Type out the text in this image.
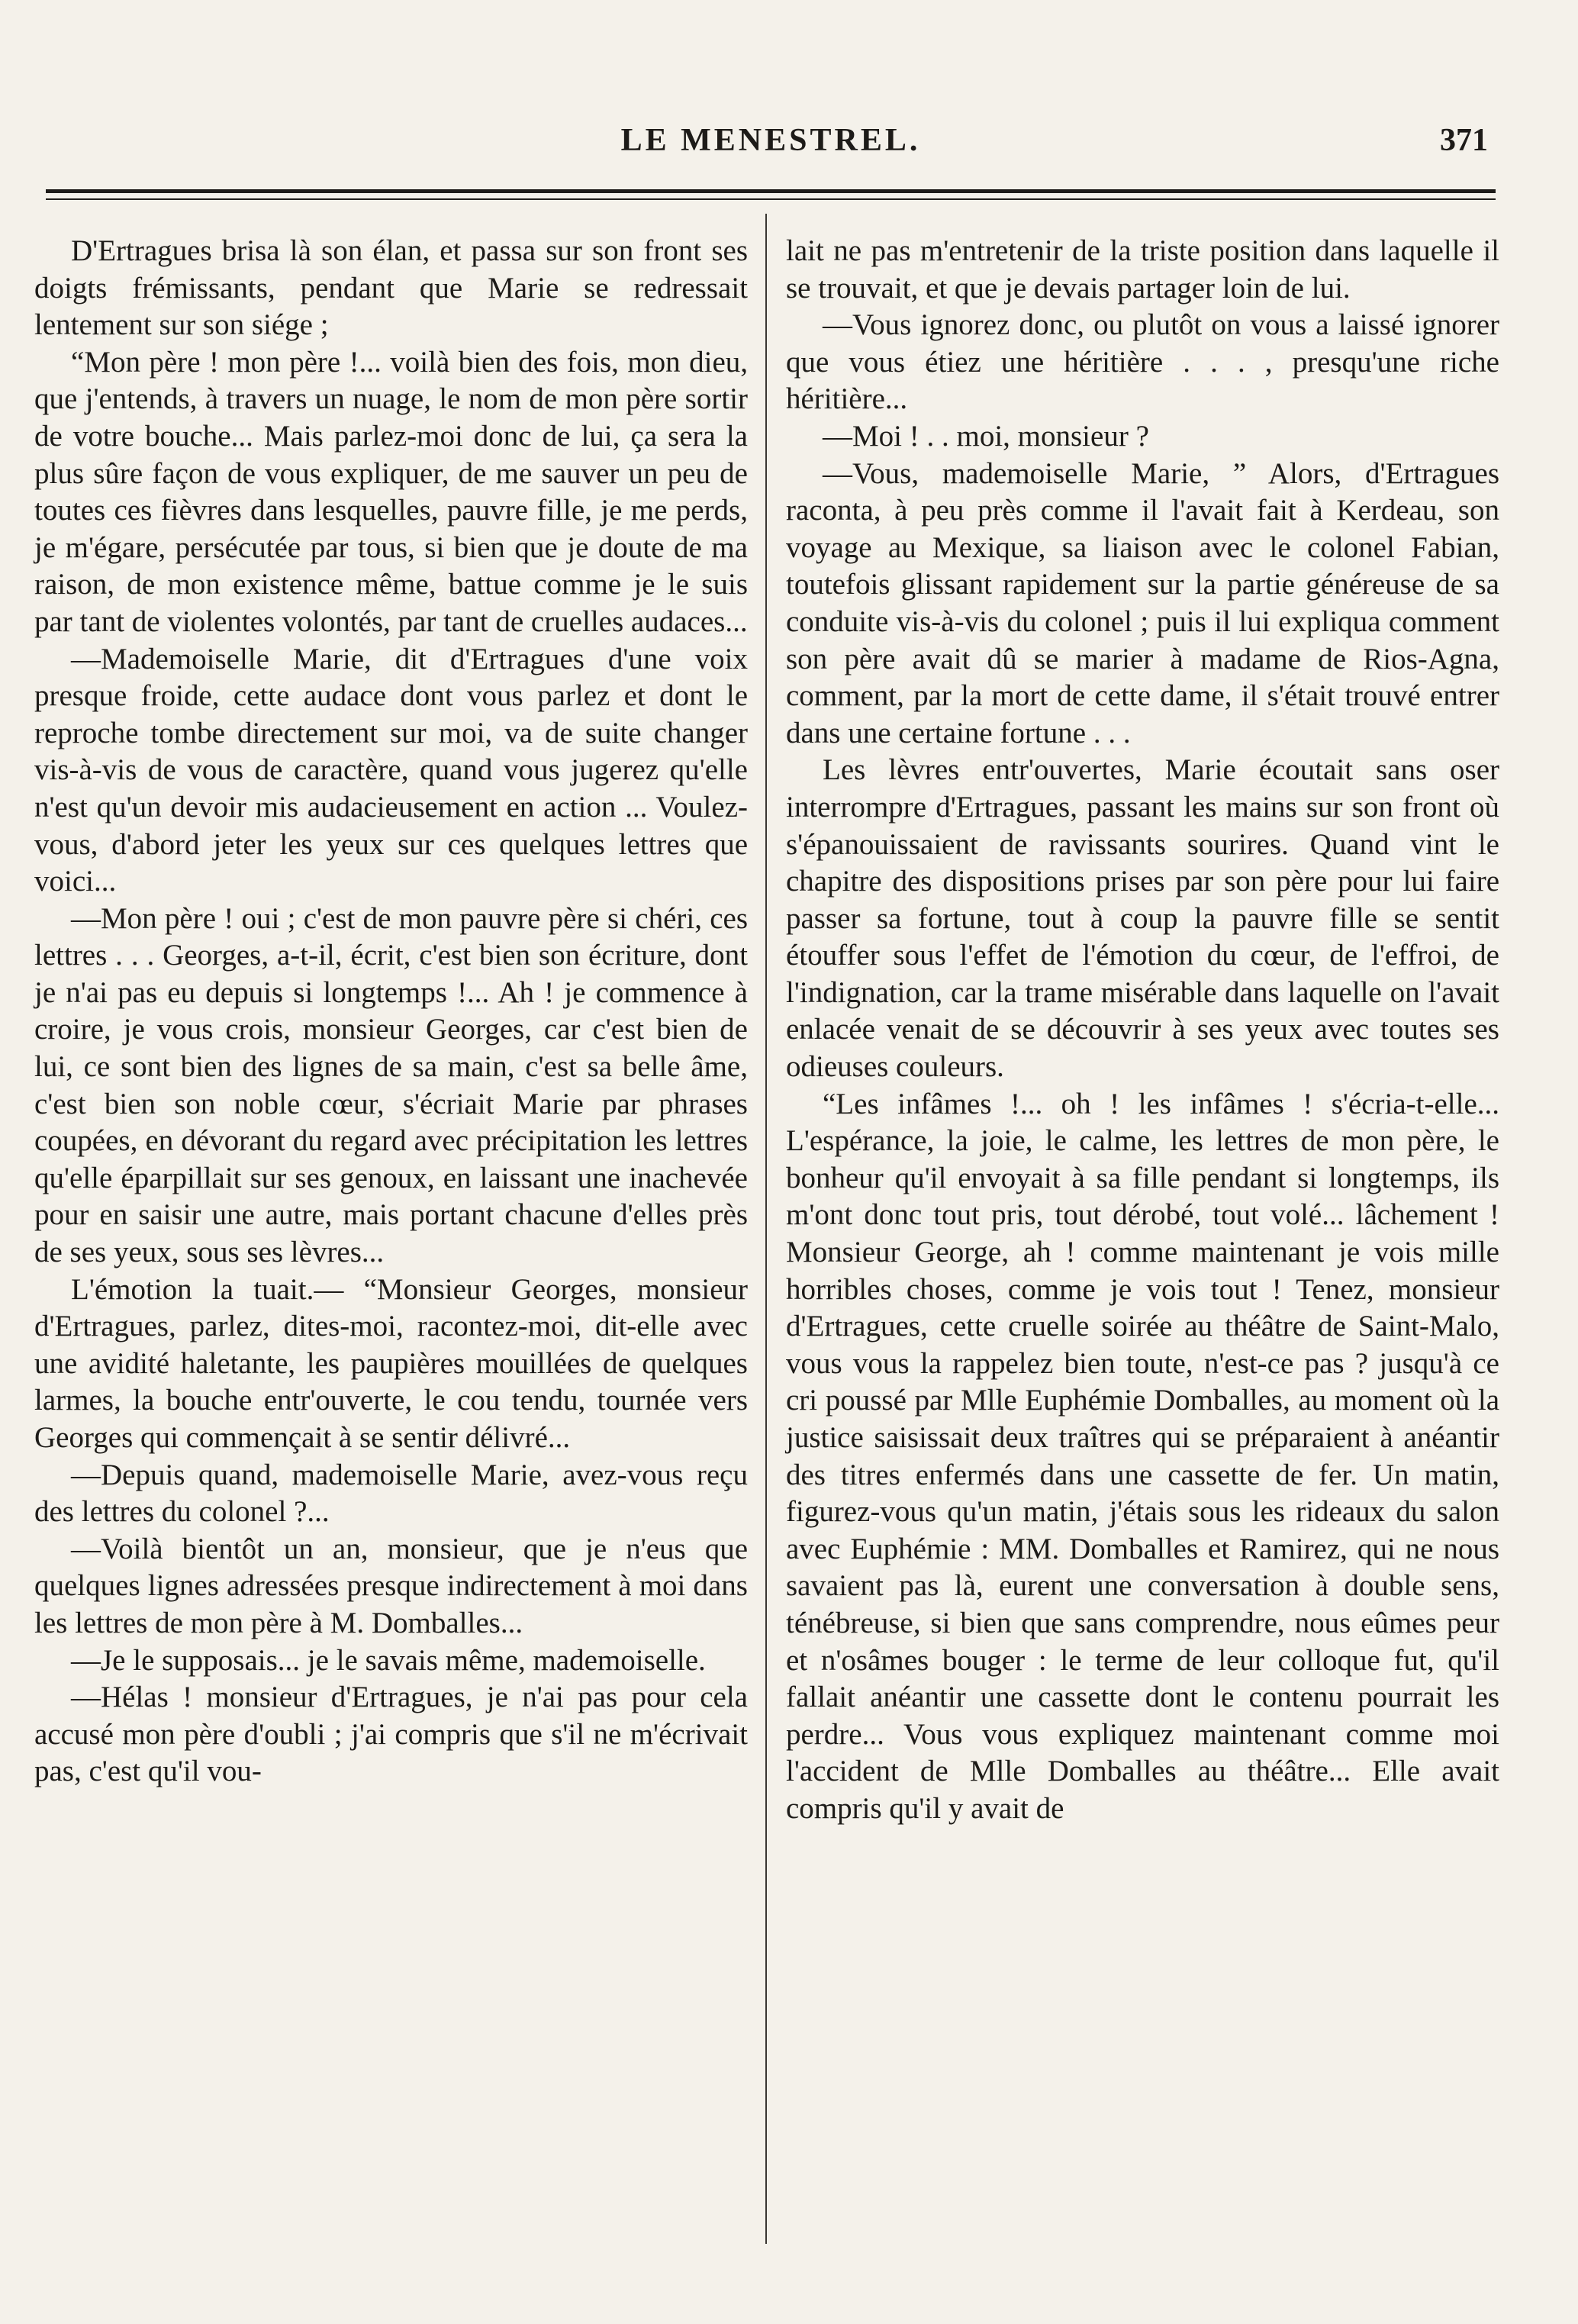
LE MENESTREL.	371

D'Ertragues brisa là son élan, et passa sur son front ses doigts frémissants, pendant que Marie se redressait lentement sur son siége ;

“Mon père ! mon père !... voilà bien des fois, mon dieu, que j'entends, à travers un nuage, le nom de mon père sortir de votre bouche... Mais parlez-moi donc de lui, ça sera la plus sûre façon de vous expliquer, de me sauver un peu de toutes ces fièvres dans lesquelles, pauvre fille, je me perds, je m'égare, persécutée par tous, si bien que je doute de ma raison, de mon existence même, battue comme je le suis par tant de violentes volontés, par tant de cruelles audaces...

—Mademoiselle Marie, dit d'Ertragues d'une voix presque froide, cette audace dont vous parlez et dont le reproche tombe directement sur moi, va de suite changer vis-à-vis de vous de caractère, quand vous jugerez qu'elle n'est qu'un devoir mis audacieusement en action ... Voulez-vous, d'abord jeter les yeux sur ces quelques lettres que voici...

—Mon père ! oui ; c'est de mon pauvre père si chéri, ces lettres . . . Georges, a-t-il, écrit, c'est bien son écriture, dont je n'ai pas eu depuis si longtemps !... Ah ! je commence à croire, je vous crois, monsieur Georges, car c'est bien de lui, ce sont bien des lignes de sa main, c'est sa belle âme, c'est bien son noble cœur, s'écriait Marie par phrases coupées, en dévorant du regard avec précipitation les lettres qu'elle éparpillait sur ses genoux, en laissant une inachevée pour en saisir une autre, mais portant chacune d'elles près de ses yeux, sous ses lèvres...

L'émotion la tuait.— “Monsieur Georges, monsieur d'Ertragues, parlez, dites-moi, racontez-moi, dit-elle avec une avidité haletante, les paupières mouillées de quelques larmes, la bouche entr'ouverte, le cou tendu, tournée vers Georges qui commençait à se sentir délivré...

—Depuis quand, mademoiselle Marie, avez-vous reçu des lettres du colonel ?...

—Voilà bientôt un an, monsieur, que je n'eus que quelques lignes adressées presque indirectement à moi dans les lettres de mon père à M. Domballes...

—Je le supposais... je le savais même, mademoiselle.

—Hélas ! monsieur d'Ertragues, je n'ai pas pour cela accusé mon père d'oubli ; j'ai compris que s'il ne m'écrivait pas, c'est qu'il vou-

lait ne pas m'entretenir de la triste position dans laquelle il se trouvait, et que je devais partager loin de lui.

—Vous ignorez donc, ou plutôt on vous a laissé ignorer que vous étiez une héritière . . . , presqu'une riche héritière...

—Moi ! . . moi, monsieur ?

—Vous, mademoiselle Marie, ” Alors, d'Ertragues raconta, à peu près comme il l'avait fait à Kerdeau, son voyage au Mexique, sa liaison avec le colonel Fabian, toutefois glissant rapidement sur la partie généreuse de sa conduite vis-à-vis du colonel ; puis il lui expliqua comment son père avait dû se marier à madame de Rios-Agna, comment, par la mort de cette dame, il s'était trouvé entrer dans une certaine fortune . . .

Les lèvres entr'ouvertes, Marie écoutait sans oser interrompre d'Ertragues, passant les mains sur son front où s'épanouissaient de ravissants sourires. Quand vint le chapitre des dispositions prises par son père pour lui faire passer sa fortune, tout à coup la pauvre fille se sentit étouffer sous l'effet de l'émotion du cœur, de l'effroi, de l'indignation, car la trame misérable dans laquelle on l'avait enlacée venait de se découvrir à ses yeux avec toutes ses odieuses couleurs.

“Les infâmes !... oh ! les infâmes ! s'écria-t-elle... L'espérance, la joie, le calme, les lettres de mon père, le bonheur qu'il envoyait à sa fille pendant si longtemps, ils m'ont donc tout pris, tout dérobé, tout volé... lâchement ! Monsieur George, ah ! comme maintenant je vois mille horribles choses, comme je vois tout ! Tenez, monsieur d'Ertragues, cette cruelle soirée au théâtre de Saint-Malo, vous vous la rappelez bien toute, n'est-ce pas ? jusqu'à ce cri poussé par Mlle Euphémie Domballes, au moment où la justice saisissait deux traîtres qui se préparaient à anéantir des titres enfermés dans une cassette de fer. Un matin, figurez-vous qu'un matin, j'étais sous les rideaux du salon avec Euphémie : MM. Domballes et Ramirez, qui ne nous savaient pas là, eurent une conversation à double sens, ténébreuse, si bien que sans comprendre, nous eûmes peur et n'osâmes bouger : le terme de leur colloque fut, qu'il fallait anéantir une cassette dont le contenu pourrait les perdre... Vous vous expliquez maintenant comme moi l'accident de Mlle Domballes au théâtre... Elle avait compris qu'il y avait de
